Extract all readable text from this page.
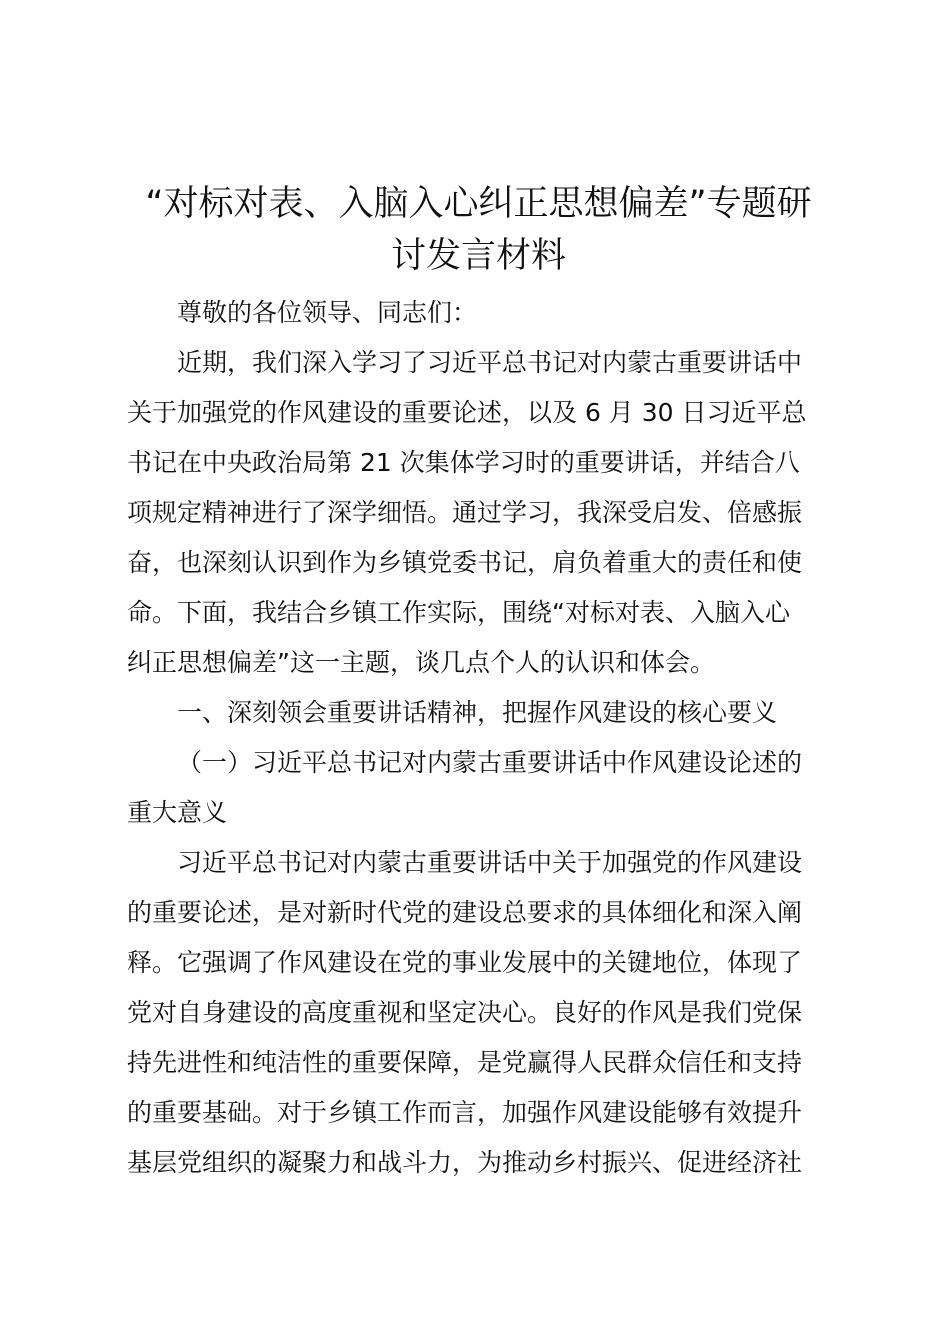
“对标对表、入脑入心纠正思想偏差”专题研
讨发言材料

尊敬的各位领导、同志们：

近期，我们深入学习了习近平总书记对内蒙古重要讲话中
关于加强党的作风建设的重要论述，以及 6 月 30 日习近平总
书记在中央政治局第 21 次集体学习时的重要讲话，并结合八
项规定精神进行了深学细悟。通过学习，我深受启发、倍感振
奋，也深刻认识到作为乡镇党委书记，肩负着重大的责任和使
命。下面，我结合乡镇工作实际，围绕“对标对表、入脑入心
纠正思想偏差”这一主题，谈几点个人的认识和体会。

一、深刻领会重要讲话精神，把握作风建设的核心要义
（一）习近平总书记对内蒙古重要讲话中作风建设论述的
重大意义

习近平总书记对内蒙古重要讲话中关于加强党的作风建设
的重要论述，是对新时代党的建设总要求的具体细化和深入阐
释。它强调了作风建设在党的事业发展中的关键地位，体现了
党对自身建设的高度重视和坚定决心。良好的作风是我们党保
持先进性和纯洁性的重要保障，是党赢得人民群众信任和支持
的重要基础。对于乡镇工作而言，加强作风建设能够有效提升
基层党组织的凝聚力和战斗力，为推动乡村振兴、促进经济社
